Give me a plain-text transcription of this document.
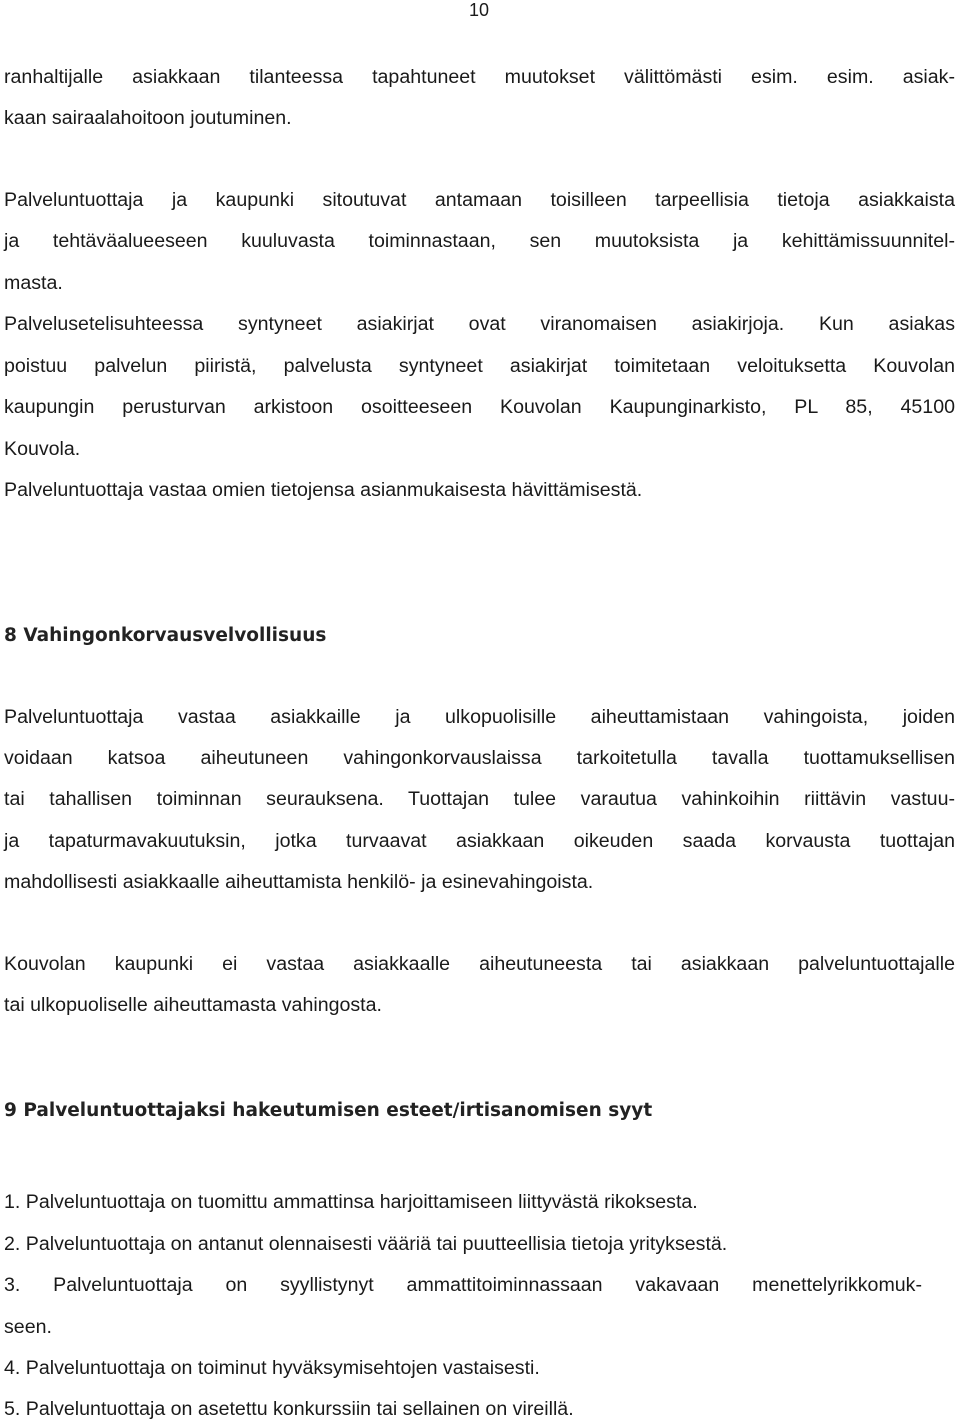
10
ranhaltijalle asiakkaan tilanteessa tapahtuneet muutokset välittömästi esim. esim. asiak-
kaan sairaalahoitoon joutuminen.
Palveluntuottaja ja kaupunki sitoutuvat antamaan toisilleen tarpeellisia tietoja asiakkaista
ja tehtäväalueeseen kuuluvasta toiminnastaan, sen muutoksista ja kehittämissuunnitel-
masta.
Palvelusetelisuhteessa syntyneet asiakirjat ovat viranomaisen asiakirjoja. Kun asiakas
poistuu palvelun piiristä, palvelusta syntyneet asiakirjat toimitetaan veloituksetta Kouvolan
kaupungin perusturvan arkistoon osoitteeseen Kouvolan Kaupunginarkisto, PL 85, 45100
Kouvola.
Palveluntuottaja vastaa omien tietojensa asianmukaisesta hävittämisestä.
8 Vahingonkorvausvelvollisuus
Palveluntuottaja vastaa asiakkaille ja ulkopuolisille aiheuttamistaan vahingoista, joiden
voidaan katsoa aiheutuneen vahingonkorvauslaissa tarkoitetulla tavalla tuottamuksellisen
tai tahallisen toiminnan seurauksena. Tuottajan tulee varautua vahinkoihin riittävin vastuu-
ja tapaturmavakuutuksin, jotka turvaavat asiakkaan oikeuden saada korvausta tuottajan
mahdollisesti asiakkaalle aiheuttamista henkilö- ja esinevahingoista.
Kouvolan kaupunki ei vastaa asiakkaalle aiheutuneesta tai asiakkaan palveluntuottajalle
tai ulkopuoliselle aiheuttamasta vahingosta.
9 Palveluntuottajaksi hakeutumisen esteet/irtisanomisen syyt
1. Palveluntuottaja on tuomittu ammattinsa harjoittamiseen liittyvästä rikoksesta.
2. Palveluntuottaja on antanut olennaisesti vääriä tai puutteellisia tietoja yrityksestä.
3. Palveluntuottaja on syyllistynyt ammattitoiminnassaan vakavaan menettelyrikkomuk-
seen.
4. Palveluntuottaja on toiminut hyväksymisehtojen vastaisesti.
5. Palveluntuottaja on asetettu konkurssiin tai sellainen on vireillä.
